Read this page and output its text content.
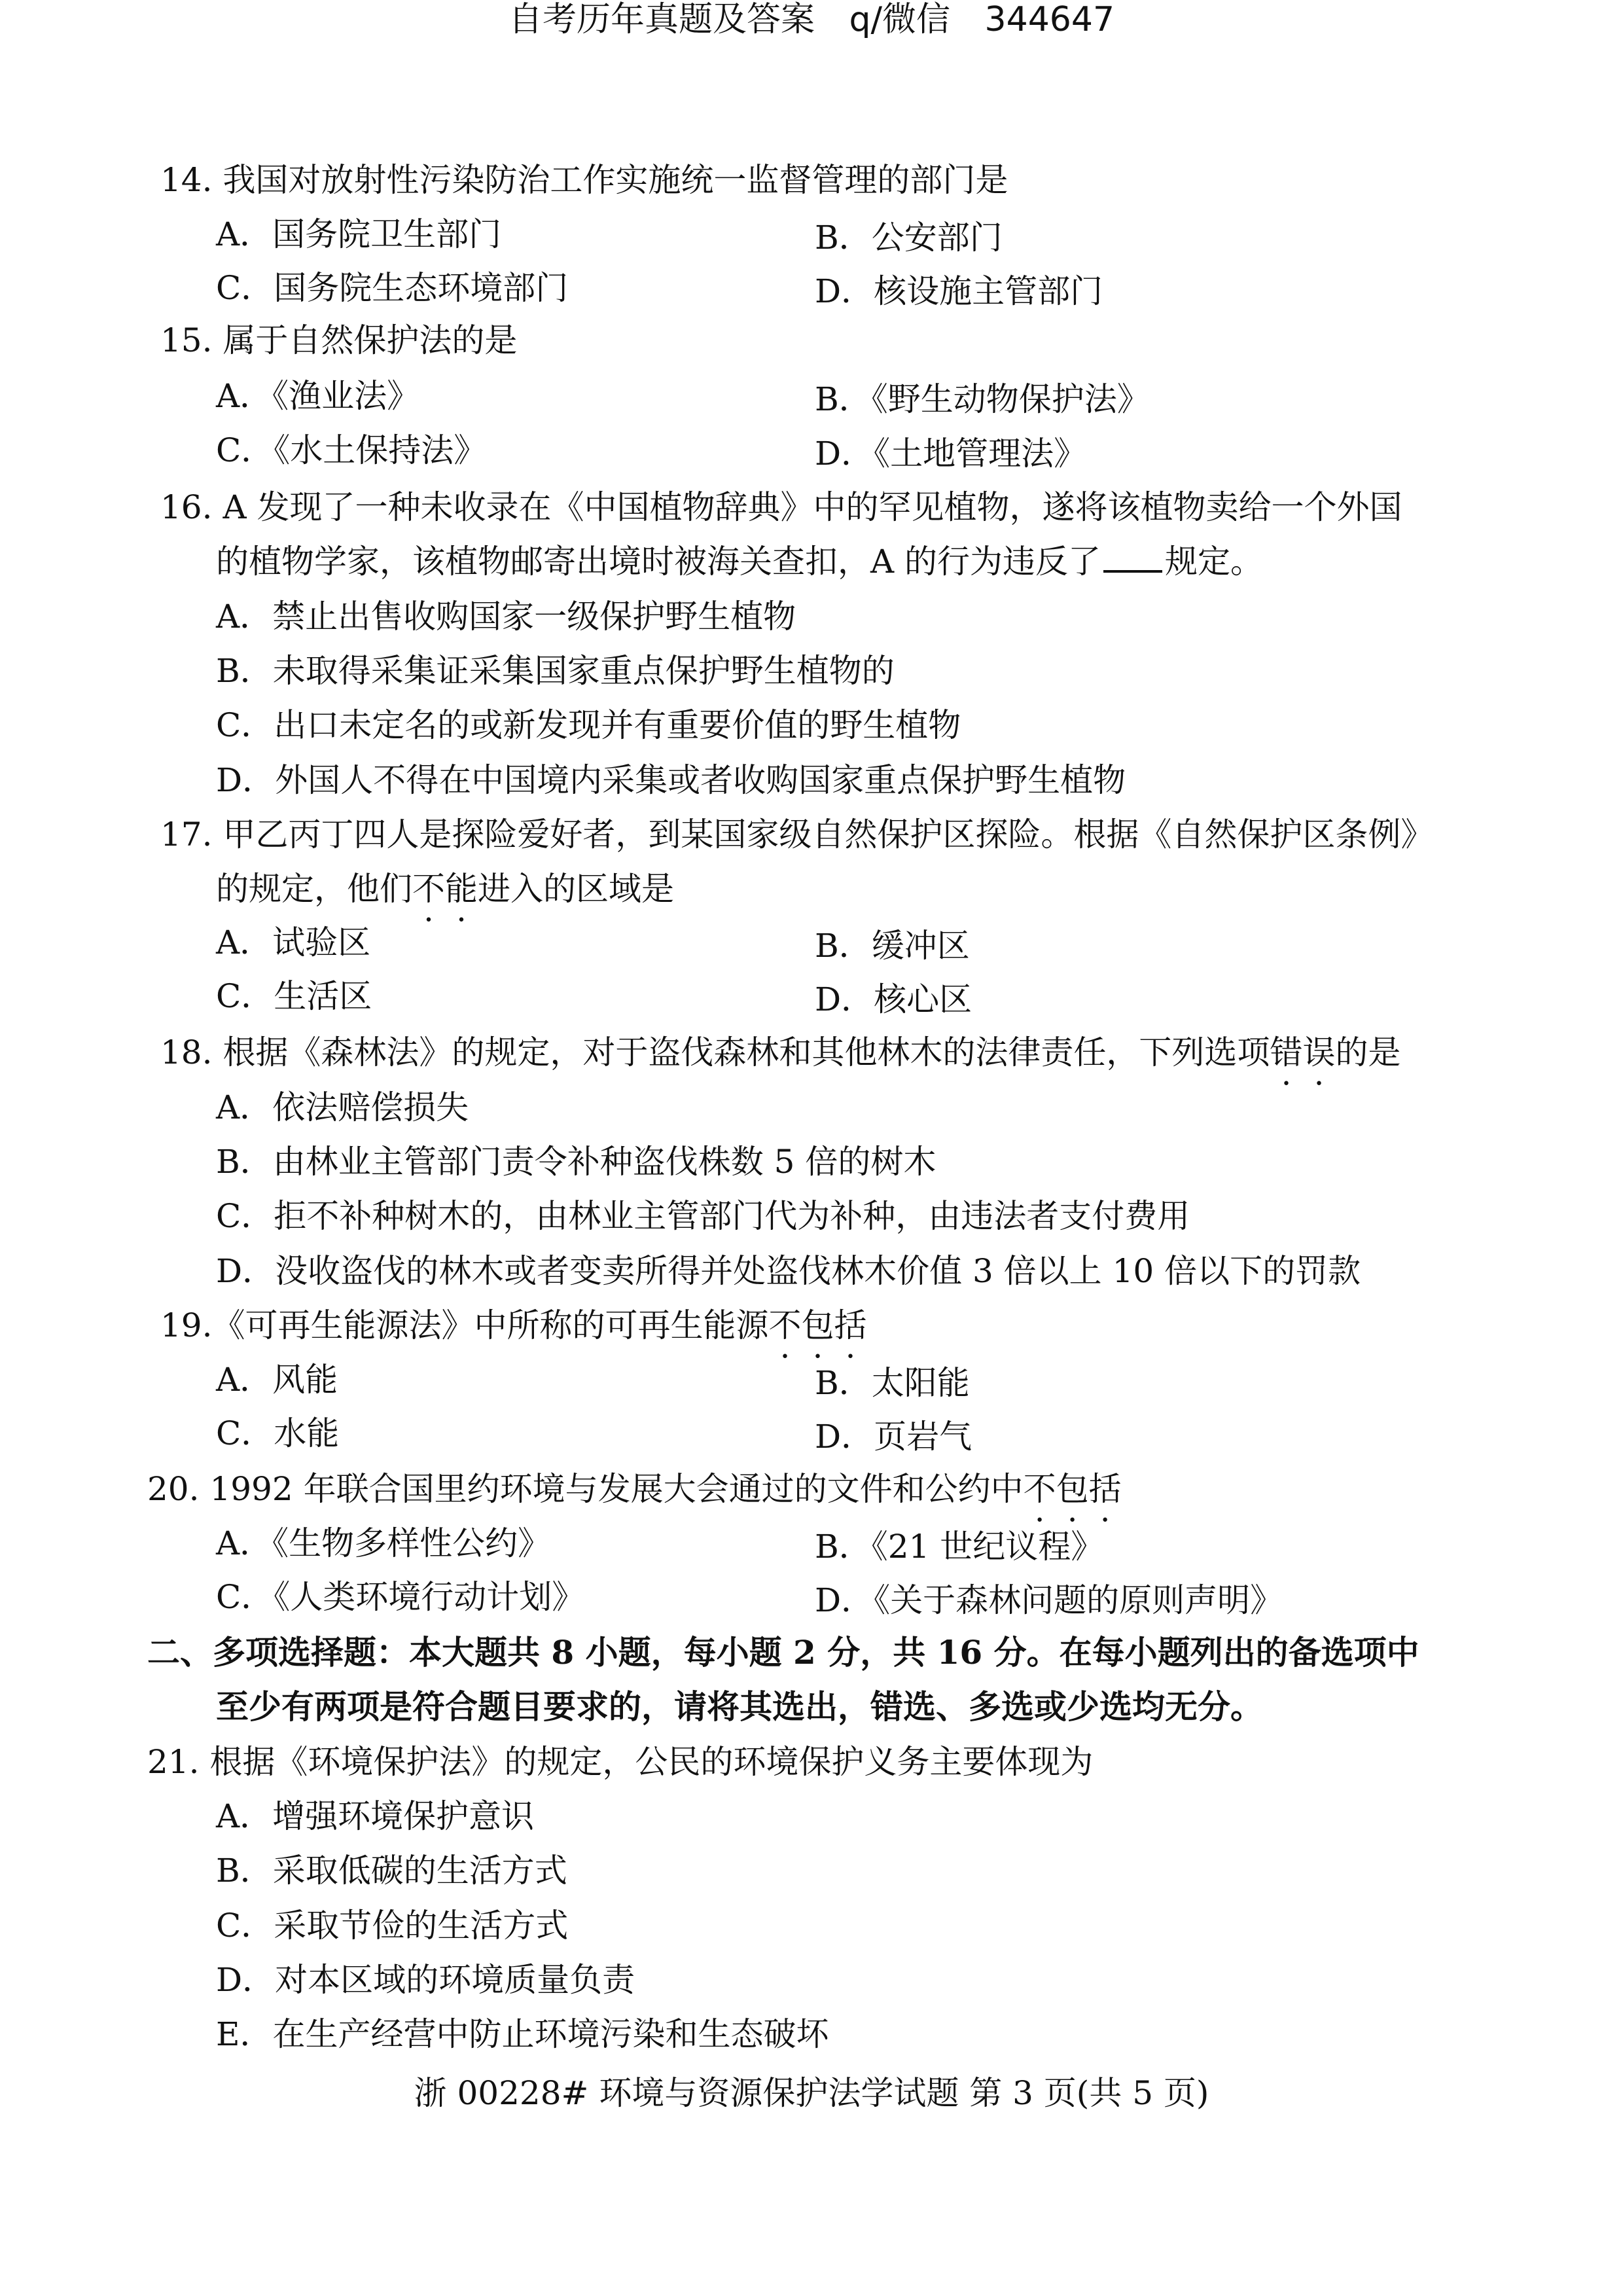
自考历年真题及答案 q/微信 344647
14. 我国对放射性污染防治工作实施统一监督管理的部门是
A．国务院卫生部门	B．公安部门
C．国务院生态环境部门	D．核设施主管部门
15. 属于自然保护法的是
A．《渔业法》	B．《野生动物保护法》
C．《水土保持法》	D．《土地管理法》
16. A 发现了一种未收录在《中国植物辞典》中的罕见植物，遂将该植物卖给一个外国
的植物学家，该植物邮寄出境时被海关查扣，A 的行为违反了 规定。
A．禁止出售收购国家一级保护野生植物
B．未取得采集证采集国家重点保护野生植物的
C．出口未定名的或新发现并有重要价值的野生植物
D．外国人不得在中国境内采集或者收购国家重点保护野生植物
17. 甲乙丙丁四人是探险爱好者，到某国家级自然保护区探险。根据《自然保护区条例》
的规定，他们不能进入的区域是
A．试验区	B．缓冲区
C．生活区	D．核心区
18. 根据《森林法》的规定，对于盗伐森林和其他林木的法律责任，下列选项错误的是
A．依法赔偿损失
B．由林业主管部门责令补种盗伐株数 5 倍的树木
C．拒不补种树木的，由林业主管部门代为补种，由违法者支付费用
D．没收盗伐的林木或者变卖所得并处盗伐林木价值 3 倍以上 10 倍以下的罚款
19.《可再生能源法》中所称的可再生能源不包括
A．风能	B．太阳能
C．水能	D．页岩气
20. 1992 年联合国里约环境与发展大会通过的文件和公约中不包括
A．《生物多样性公约》	B．《21 世纪议程》
C．《人类环境行动计划》	D．《关于森林问题的原则声明》
二、多项选择题：本大题共 8 小题，每小题 2 分，共 16 分。在每小题列出的备选项中
至少有两项是符合题目要求的，请将其选出，错选、多选或少选均无分。
21. 根据《环境保护法》的规定，公民的环境保护义务主要体现为
A．增强环境保护意识
B．采取低碳的生活方式
C．采取节俭的生活方式
D．对本区域的环境质量负责
E．在生产经营中防止环境污染和生态破坏
浙 00228# 环境与资源保护法学试题 第 3 页(共 5 页)
